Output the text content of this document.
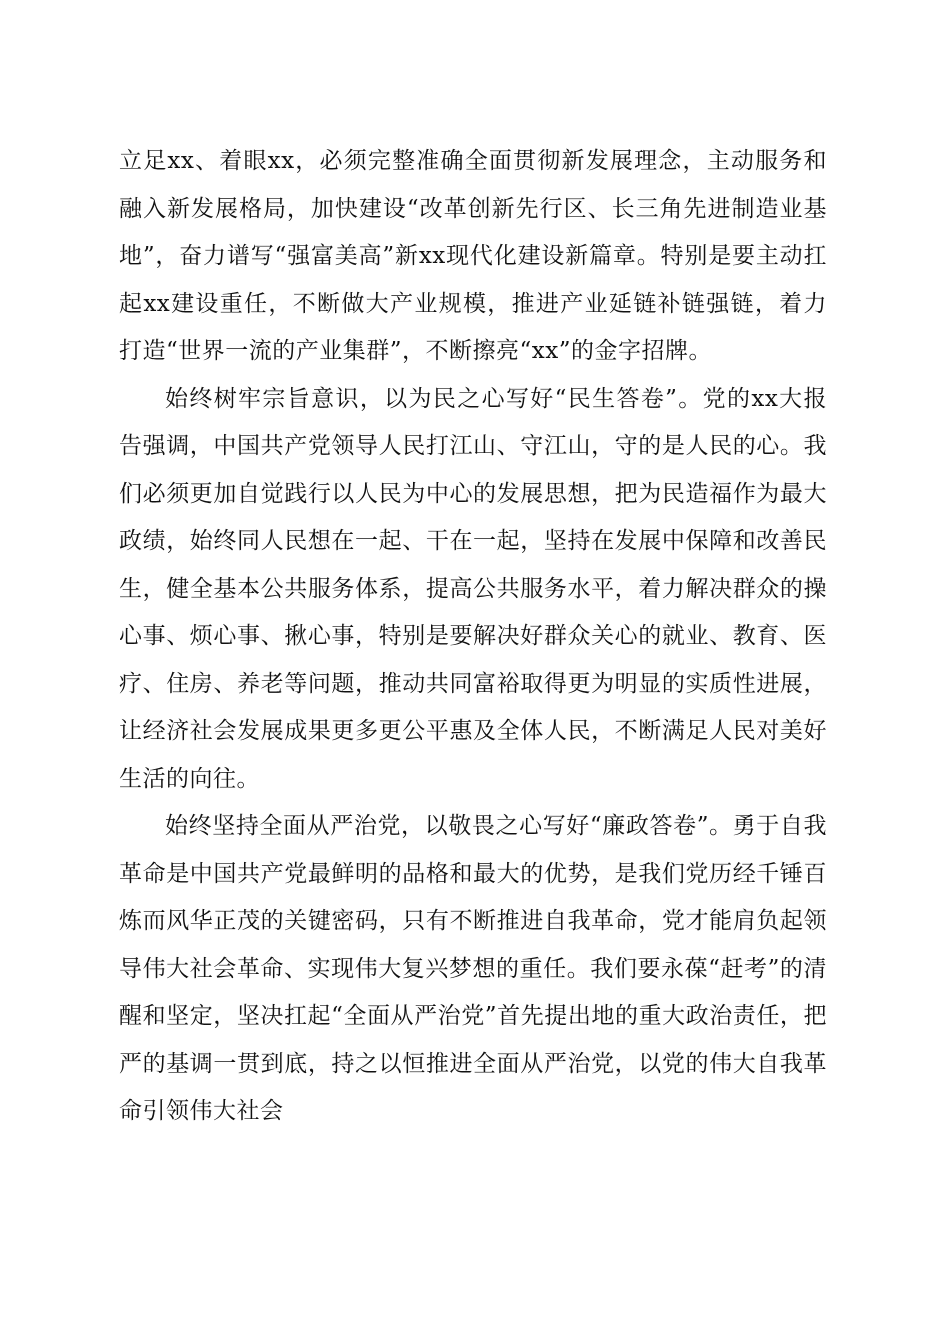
立足xx、着眼xx，必须完整准确全面贯彻新发展理念，主动服务和融入新发展格局，加快建设“改革创新先行区、长三角先进制造业基地”，奋力谱写“强富美高”新xx现代化建设新篇章。特别是要主动扛起xx建设重任，不断做大产业规模，推进产业延链补链强链，着力打造“世界一流的产业集群”，不断擦亮“xx”的金字招牌。

始终树牢宗旨意识，以为民之心写好“民生答卷”。党的xx大报告强调，中国共产党领导人民打江山、守江山，守的是人民的心。我们必须更加自觉践行以人民为中心的发展思想，把为民造福作为最大政绩，始终同人民想在一起、干在一起，坚持在发展中保障和改善民生，健全基本公共服务体系，提高公共服务水平，着力解决群众的操心事、烦心事、揪心事，特别是要解决好群众关心的就业、教育、医疗、住房、养老等问题，推动共同富裕取得更为明显的实质性进展，让经济社会发展成果更多更公平惠及全体人民，不断满足人民对美好生活的向往。

始终坚持全面从严治党，以敬畏之心写好“廉政答卷”。勇于自我革命是中国共产党最鲜明的品格和最大的优势，是我们党历经千锤百炼而风华正茂的关键密码，只有不断推进自我革命，党才能肩负起领导伟大社会革命、实现伟大复兴梦想的重任。我们要永葆“赶考”的清醒和坚定，坚决扛起“全面从严治党”首先提出地的重大政治责任，把严的基调一贯到底，持之以恒推进全面从严治党，以党的伟大自我革命引领伟大社会
